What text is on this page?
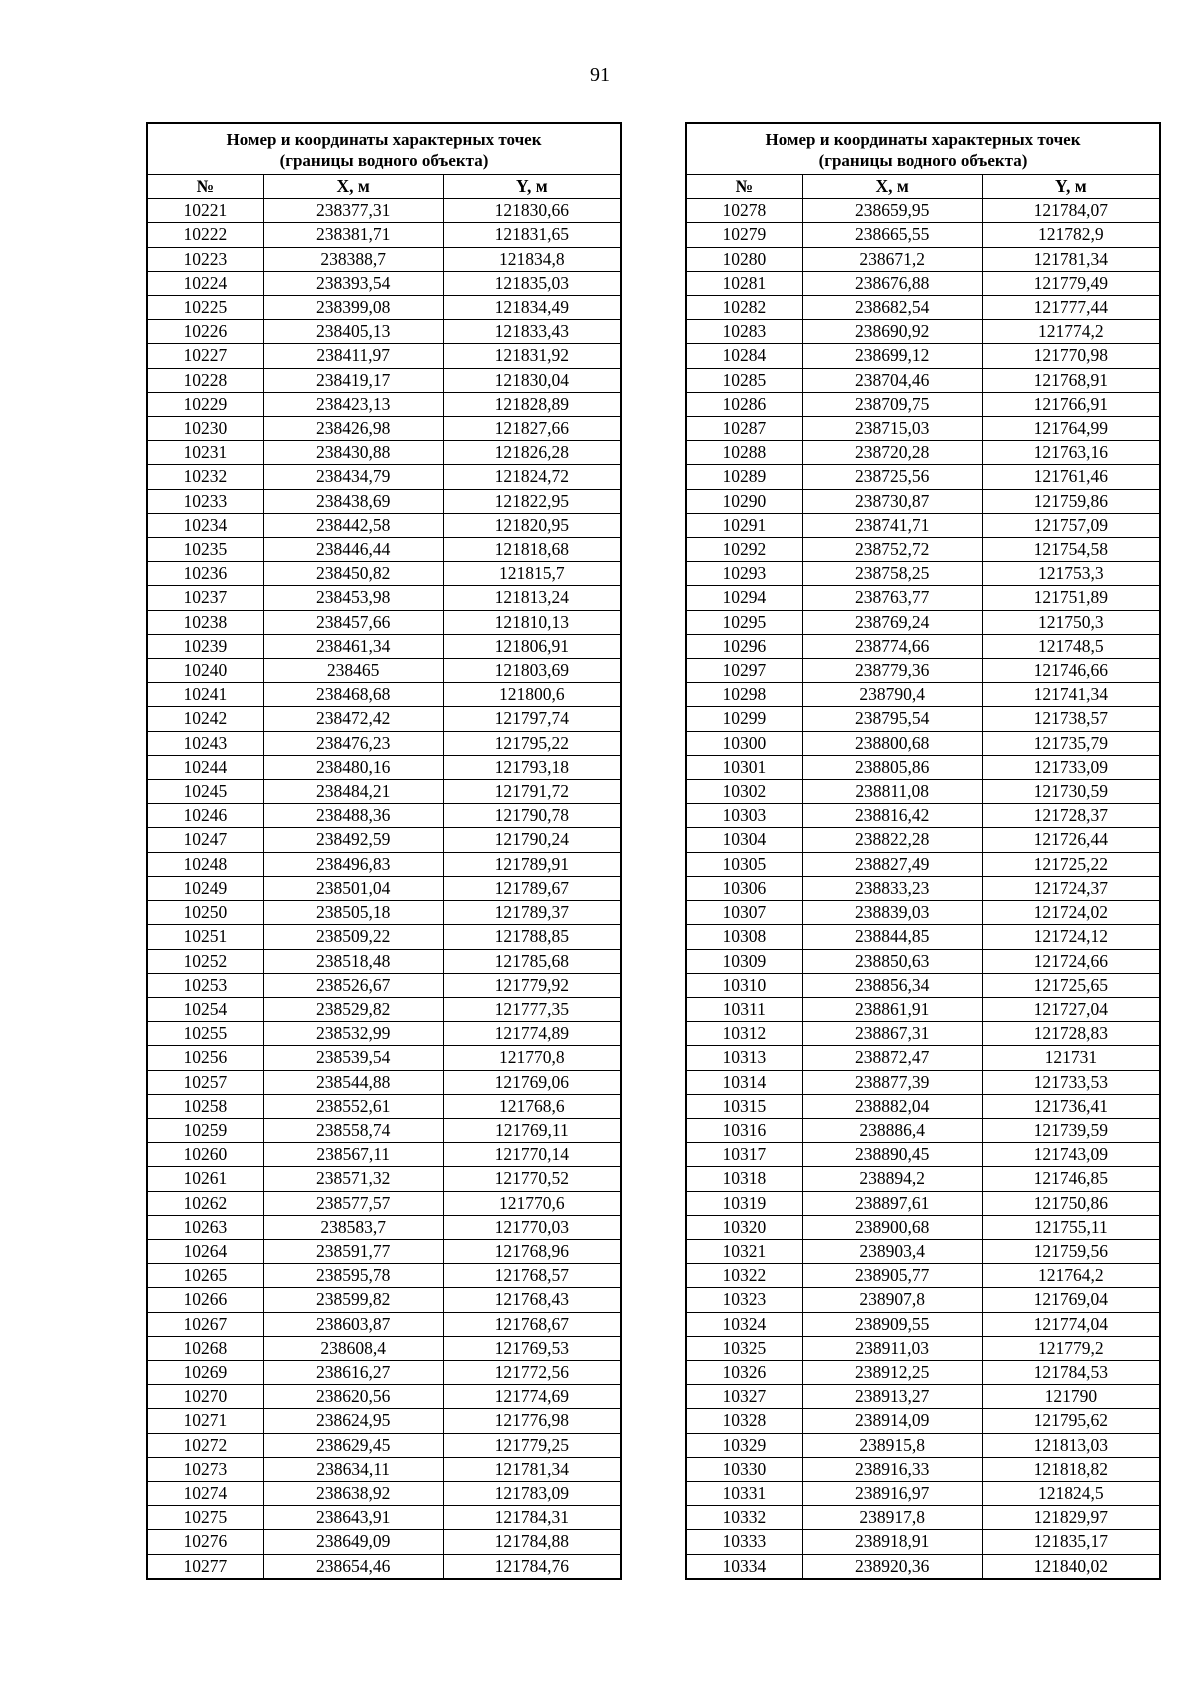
91
Номер и координаты характерных точек
(границы водного объекта)		

№	X, м	Y, м
10221	238377,31	121830,66
10222	238381,71	121831,65
10223	238388,7	121834,8
10224	238393,54	121835,03
10225	238399,08	121834,49
10226	238405,13	121833,43
10227	238411,97	121831,92
10228	238419,17	121830,04
10229	238423,13	121828,89
10230	238426,98	121827,66
10231	238430,88	121826,28
10232	238434,79	121824,72
10233	238438,69	121822,95
10234	238442,58	121820,95
10235	238446,44	121818,68
10236	238450,82	121815,7
10237	238453,98	121813,24
10238	238457,66	121810,13
10239	238461,34	121806,91
10240	238465	121803,69
10241	238468,68	121800,6
10242	238472,42	121797,74
10243	238476,23	121795,22
10244	238480,16	121793,18
10245	238484,21	121791,72
10246	238488,36	121790,78
10247	238492,59	121790,24
10248	238496,83	121789,91
10249	238501,04	121789,67
10250	238505,18	121789,37
10251	238509,22	121788,85
10252	238518,48	121785,68
10253	238526,67	121779,92
10254	238529,82	121777,35
10255	238532,99	121774,89
10256	238539,54	121770,8
10257	238544,88	121769,06
10258	238552,61	121768,6
10259	238558,74	121769,11
10260	238567,11	121770,14
10261	238571,32	121770,52
10262	238577,57	121770,6
10263	238583,7	121770,03
10264	238591,77	121768,96
10265	238595,78	121768,57
10266	238599,82	121768,43
10267	238603,87	121768,67
10268	238608,4	121769,53
10269	238616,27	121772,56
10270	238620,56	121774,69
10271	238624,95	121776,98
10272	238629,45	121779,25
10273	238634,11	121781,34
10274	238638,92	121783,09
10275	238643,91	121784,31
10276	238649,09	121784,88
10277	238654,46	121784,76
Номер и координаты характерных точек
(границы водного объекта)		

№	X, м	Y, м
10278	238659,95	121784,07
10279	238665,55	121782,9
10280	238671,2	121781,34
10281	238676,88	121779,49
10282	238682,54	121777,44
10283	238690,92	121774,2
10284	238699,12	121770,98
10285	238704,46	121768,91
10286	238709,75	121766,91
10287	238715,03	121764,99
10288	238720,28	121763,16
10289	238725,56	121761,46
10290	238730,87	121759,86
10291	238741,71	121757,09
10292	238752,72	121754,58
10293	238758,25	121753,3
10294	238763,77	121751,89
10295	238769,24	121750,3
10296	238774,66	121748,5
10297	238779,36	121746,66
10298	238790,4	121741,34
10299	238795,54	121738,57
10300	238800,68	121735,79
10301	238805,86	121733,09
10302	238811,08	121730,59
10303	238816,42	121728,37
10304	238822,28	121726,44
10305	238827,49	121725,22
10306	238833,23	121724,37
10307	238839,03	121724,02
10308	238844,85	121724,12
10309	238850,63	121724,66
10310	238856,34	121725,65
10311	238861,91	121727,04
10312	238867,31	121728,83
10313	238872,47	121731
10314	238877,39	121733,53
10315	238882,04	121736,41
10316	238886,4	121739,59
10317	238890,45	121743,09
10318	238894,2	121746,85
10319	238897,61	121750,86
10320	238900,68	121755,11
10321	238903,4	121759,56
10322	238905,77	121764,2
10323	238907,8	121769,04
10324	238909,55	121774,04
10325	238911,03	121779,2
10326	238912,25	121784,53
10327	238913,27	121790
10328	238914,09	121795,62
10329	238915,8	121813,03
10330	238916,33	121818,82
10331	238916,97	121824,5
10332	238917,8	121829,97
10333	238918,91	121835,17
10334	238920,36	121840,02
